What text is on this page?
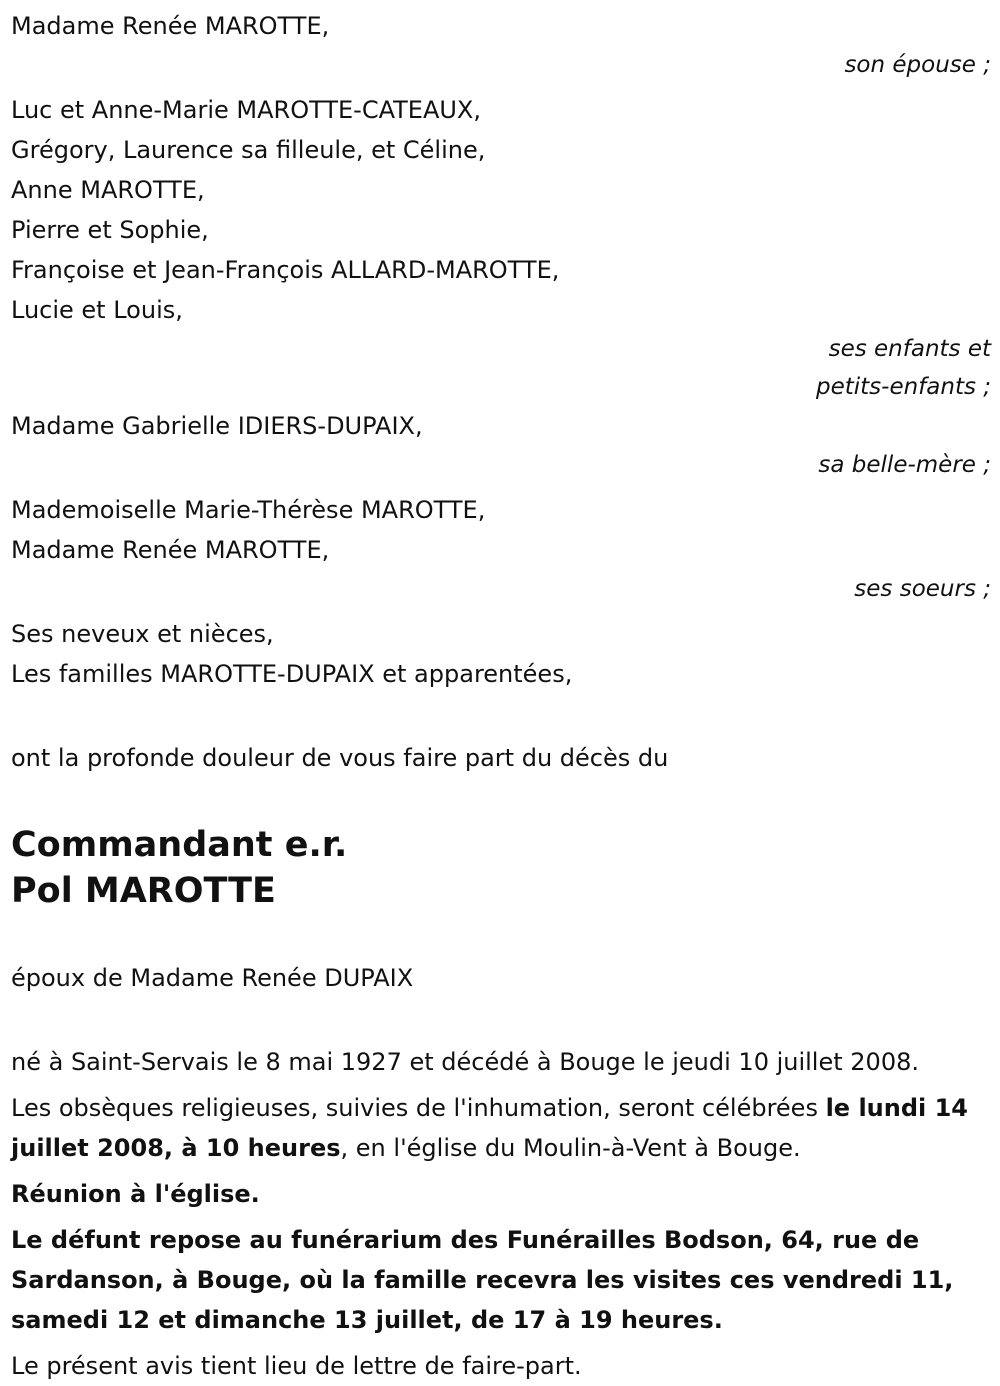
Madame Renée MAROTTE,
son épouse ;
Luc et Anne-Marie MAROTTE-CATEAUX,
Grégory, Laurence sa filleule, et Céline,
Anne MAROTTE,
Pierre et Sophie,
Françoise et Jean-François ALLARD-MAROTTE,
Lucie et Louis,
ses enfants et
petits-enfants ;
Madame Gabrielle IDIERS-DUPAIX,
sa belle-mère ;
Mademoiselle Marie-Thérèse MAROTTE,
Madame Renée MAROTTE,
ses soeurs ;
Ses neveux et nièces,
Les familles MAROTTE-DUPAIX et apparentées,
ont la profonde douleur de vous faire part du décès du
Commandant e.r.
Pol MAROTTE
époux de Madame Renée DUPAIX
né à Saint-Servais le 8 mai 1927 et décédé à Bouge le jeudi 10 juillet 2008.
Les obsèques religieuses, suivies de l'inhumation, seront célébrées le lundi 14 juillet 2008, à 10 heures, en l'église du Moulin-à-Vent à Bouge.
Réunion à l'église.
Le défunt repose au funérarium des Funérailles Bodson, 64, rue de Sardanson, à Bouge, où la famille recevra les visites ces vendredi 11, samedi 12 et dimanche 13 juillet, de 17 à 19 heures.
Le présent avis tient lieu de lettre de faire-part.
